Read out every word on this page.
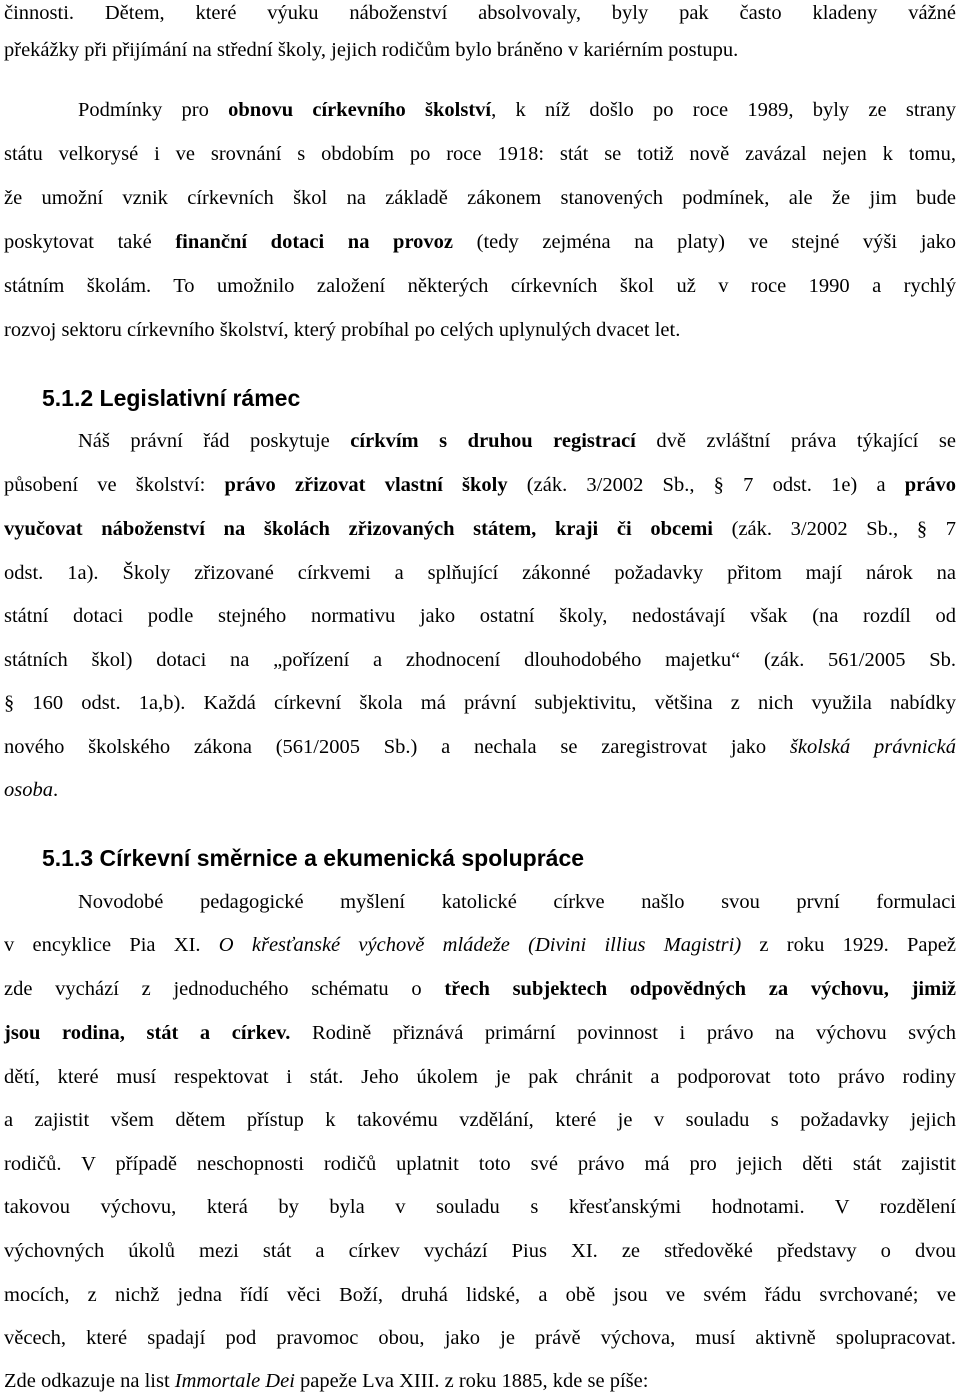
činnosti. Dětem, které výuku náboženství absolvovaly, byly pak často kladeny vážné
překážky při přijímání na střední školy, jejich rodičům bylo bráněno v kariérním postupu.
Podmínky pro obnovu církevního školství, k níž došlo po roce 1989, byly ze strany
státu velkorysé i ve srovnání s obdobím po roce 1918: stát se totiž nově zavázal nejen k tomu,
že umožní vznik církevních škol na základě zákonem stanovených podmínek, ale že jim bude
poskytovat také finanční dotaci na provoz (tedy zejména na platy) ve stejné výši jako
státním školám. To umožnilo založení některých církevních škol už v roce 1990 a rychlý
rozvoj sektoru církevního školství, který probíhal po celých uplynulých dvacet let.
5.1.2 Legislativní rámec
Náš právní řád poskytuje církvím s druhou registrací dvě zvláštní práva týkající se
působení ve školství: právo zřizovat vlastní školy (zák. 3/2002 Sb., § 7 odst. 1e) a právo
vyučovat náboženství na školách zřizovaných státem, kraji či obcemi (zák. 3/2002 Sb., § 7
odst. 1a). Školy zřizované církvemi a splňující zákonné požadavky přitom mají nárok na
státní dotaci podle stejného normativu jako ostatní školy, nedostávají však (na rozdíl od
státních škol) dotaci na „pořízení a zhodnocení dlouhodobého majetku“ (zák. 561/2005 Sb.
§ 160 odst. 1a,b). Každá církevní škola má právní subjektivitu, většina z nich využila nabídky
nového školského zákona (561/2005 Sb.) a nechala se zaregistrovat jako školská právnická
osoba.
5.1.3 Církevní směrnice a ekumenická spolupráce
Novodobé pedagogické myšlení katolické církve našlo svou první formulaci
v encyklice Pia XI. O křesťanské výchově mládeže (Divini illius Magistri) z roku 1929. Papež
zde vychází z jednoduchého schématu o třech subjektech odpovědných za výchovu, jimiž
jsou rodina, stát a církev. Rodině přiznává primární povinnost i právo na výchovu svých
dětí, které musí respektovat i stát. Jeho úkolem je pak chránit a podporovat toto právo rodiny
a zajistit všem dětem přístup k takovému vzdělání, které je v souladu s požadavky jejich
rodičů. V případě neschopnosti rodičů uplatnit toto své právo má pro jejich děti stát zajistit
takovou výchovu, která by byla v souladu s křesťanskými hodnotami. V rozdělení
výchovných úkolů mezi stát a církev vychází Pius XI. ze středověké představy o dvou
mocích, z nichž jedna řídí věci Boží, druhá lidské, a obě jsou ve svém řádu svrchované; ve
věcech, které spadají pod pravomoc obou, jako je právě výchova, musí aktivně spolupracovat.
Zde odkazuje na list Immortale Dei papeže Lva XIII. z roku 1885, kde se píše:
